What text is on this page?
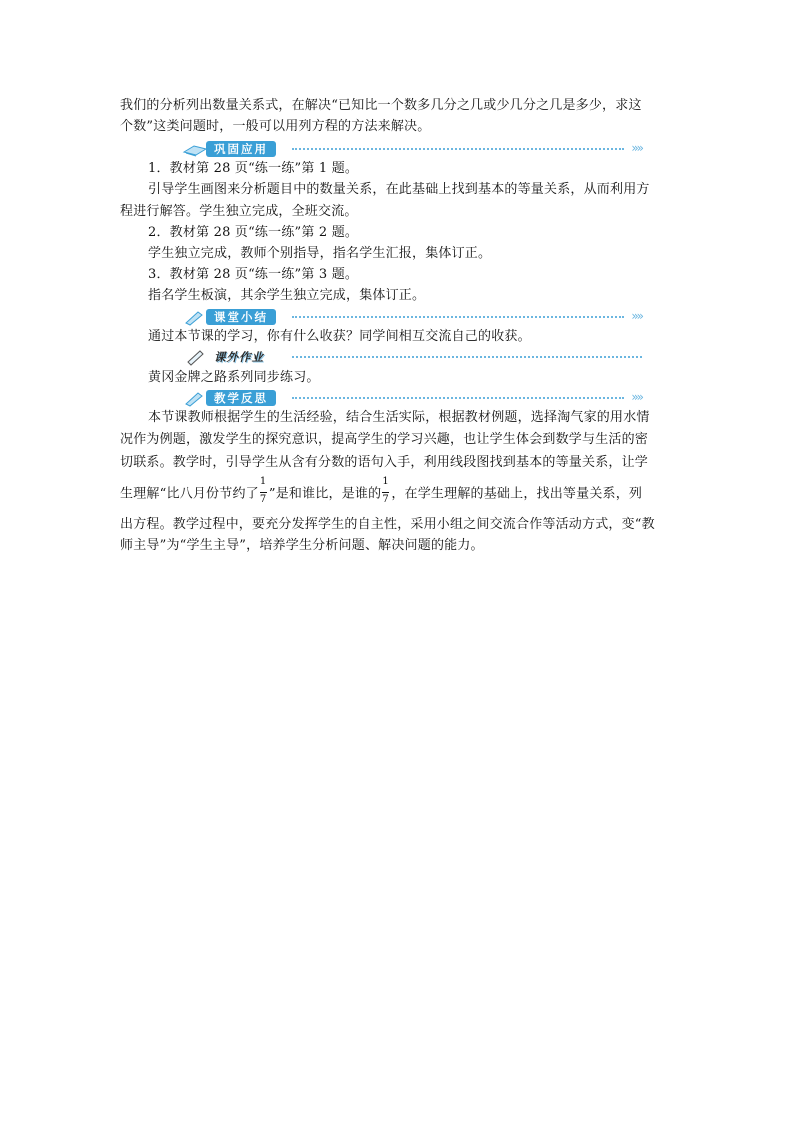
我们的分析列出数量关系式，在解决“已知比一个数多几分之几或少几分之几是多少，求这
个数”这类问题时，一般可以用列方程的方法来解决。
巩固应用	»»
1．教材第 28 页“练一练”第 1 题。
引导学生画图来分析题目中的数量关系，在此基础上找到基本的等量关系，从而利用方
程进行解答。学生独立完成，全班交流。
2．教材第 28 页“练一练”第 2 题。
学生独立完成，教师个别指导，指名学生汇报，集体订正。
3．教材第 28 页“练一练”第 3 题。
指名学生板演，其余学生独立完成，集体订正。
课堂小结	»»
通过本节课的学习，你有什么收获？同学间相互交流自己的收获。
课外作业
黄冈金牌之路系列同步练习。
教学反思	»»
本节课教师根据学生的生活经验，结合生活实际，根据教材例题，选择淘气家的用水情
况作为例题，激发学生的探究意识，提高学生的学习兴趣，也让学生体会到数学与生活的密
切联系。教学时，引导学生从含有分数的语句入手，利用线段图找到基本的等量关系，让学
生理解“比八月份节约了 $\frac{1}{7}$ ”是和谁比，是谁的 $\frac{1}{7}$ ，在学生理解的基础上，找出等量关系，列
出方程。教学过程中，要充分发挥学生的自主性，采用小组之间交流合作等活动方式，变“教
师主导”为“学生主导”，培养学生分析问题、解决问题的能力。
